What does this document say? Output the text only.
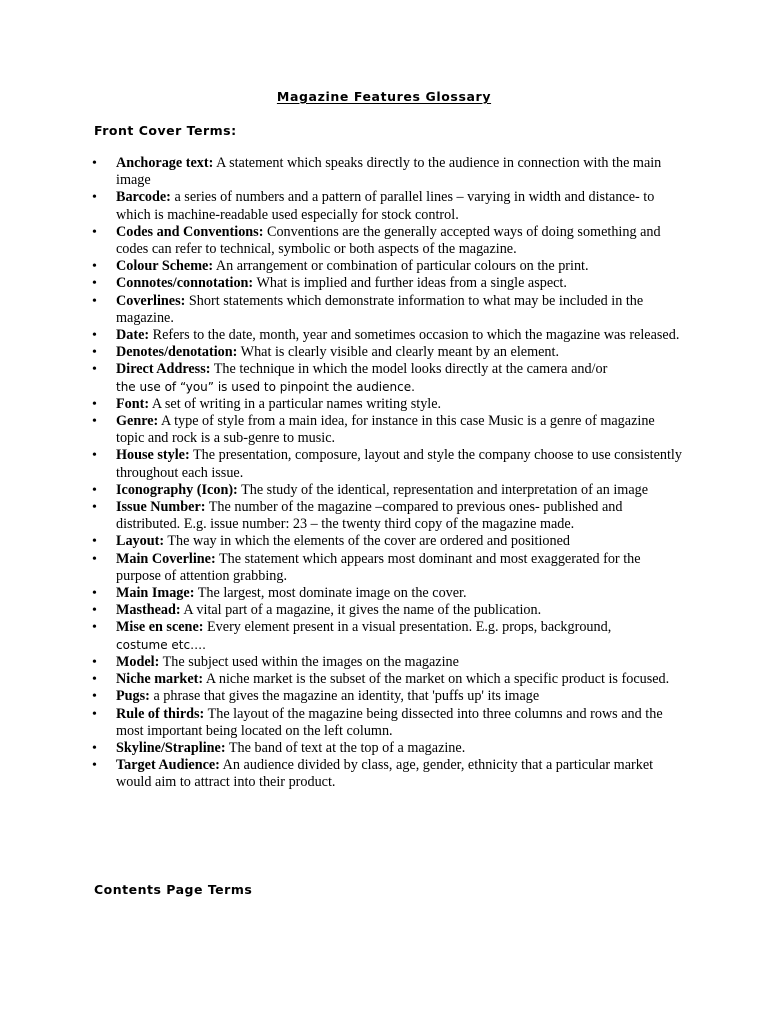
Magazine Features Glossary
Front Cover Terms:
• Anchorage text: A statement which speaks directly to the audience in connection with the main image
• Barcode: a series of numbers and a pattern of parallel lines – varying in width and distance- to which is machine-readable used especially for stock control.
• Codes and Conventions: Conventions are the generally accepted ways of doing something and codes can refer to technical, symbolic or both aspects of the magazine.
• Colour Scheme: An arrangement or combination of particular colours on the print.
• Connotes/connotation: What is implied and further ideas from a single aspect.
• Coverlines: Short statements which demonstrate information to what may be included in the magazine.
• Date: Refers to the date, month, year and sometimes occasion to which the magazine was released.
• Denotes/denotation: What is clearly visible and clearly meant by an element.
• Direct Address: The technique in which the model looks directly at the camera and/or
the use of “you” is used to pinpoint the audience.
• Font: A set of writing in a particular names writing style.
• Genre: A type of style from a main idea, for instance in this case Music is a genre of magazine topic and rock is a sub-genre to music.
• House style: The presentation, composure, layout and style the company choose to use consistently throughout each issue.
• Iconography (Icon): The study of the identical, representation and interpretation of an image
• Issue Number: The number of the magazine –compared to previous ones- published and distributed. E.g. issue number: 23 – the twenty third copy of the magazine made.
• Layout: The way in which the elements of the cover are ordered and positioned
• Main Coverline: The statement which appears most dominant and most exaggerated for the purpose of attention grabbing.
• Main Image: The largest, most dominate image on the cover.
• Masthead: A vital part of a magazine, it gives the name of the publication.
• Mise en scene: Every element present in a visual presentation. E.g. props, background,
costume etc….
• Model: The subject used within the images on the magazine
• Niche market: A niche market is the subset of the market on which a specific product is focused.
• Pugs: a phrase that gives the magazine an identity, that 'puffs up' its image
• Rule of thirds: The layout of the magazine being dissected into three columns and rows and the most important being located on the left column.
• Skyline/Strapline: The band of text at the top of a magazine.
• Target Audience: An audience divided by class, age, gender, ethnicity that a particular market would aim to attract into their product.
Contents Page Terms
